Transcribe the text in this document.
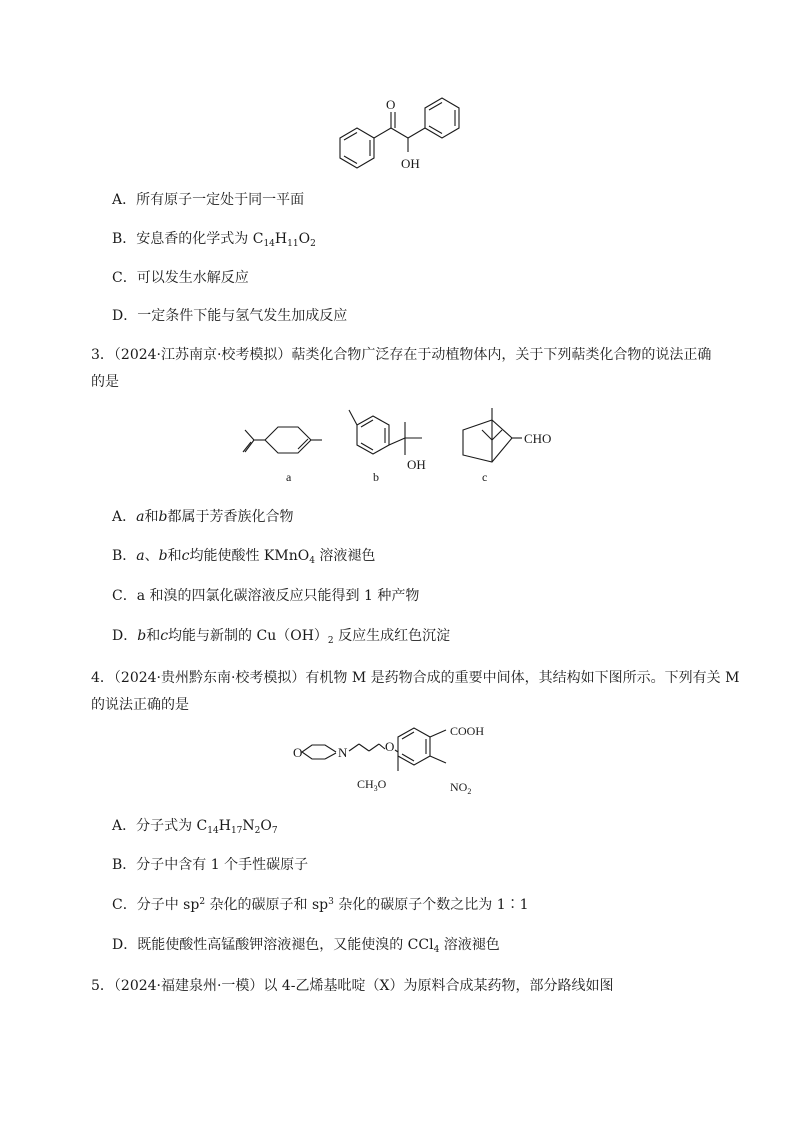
O
OH
A．所有原子一定处于同一平面
B．安息香的化学式为 $C_{14}H_{11}O_2$
C．可以发生水解反应
D．一定条件下能与氢气发生加成反应
3．（2024·江苏南京·校考模拟）萜类化合物广泛存在于动植物体内，关于下列萜类化合物的说法正确
的是
OH
CHO
a	b	c
A．a和b都属于芳香族化合物
B．a、b和c均能使酸性 KMnO$_4$ 溶液褪色
C．a 和溴的四氯化碳溶液反应只能得到 1 种产物
D．b和c均能与新制的 $Cu(OH)_2$ 反应生成红色沉淀
4．（2024·贵州黔东南·校考模拟）有机物 M 是药物合成的重要中间体，其结构如下图所示。下列有关 M
的说法正确的是
O	N	O
COOH
$NO_2$
$CH_3O$
A．分子式为 $C_{14}H_{17}N_2O_7$
B．分子中含有 1 个手性碳原子
C．分子中 $sp^2$ 杂化的碳原子和 $sp^3$ 杂化的碳原子个数之比为 1∶1
D．既能使酸性高锰酸钾溶液褪色，又能使溴的 CCl$_4$ 溶液褪色
5．（2024·福建泉州·一模）以 4-乙烯基吡啶（X）为原料合成某药物，部分路线如图
